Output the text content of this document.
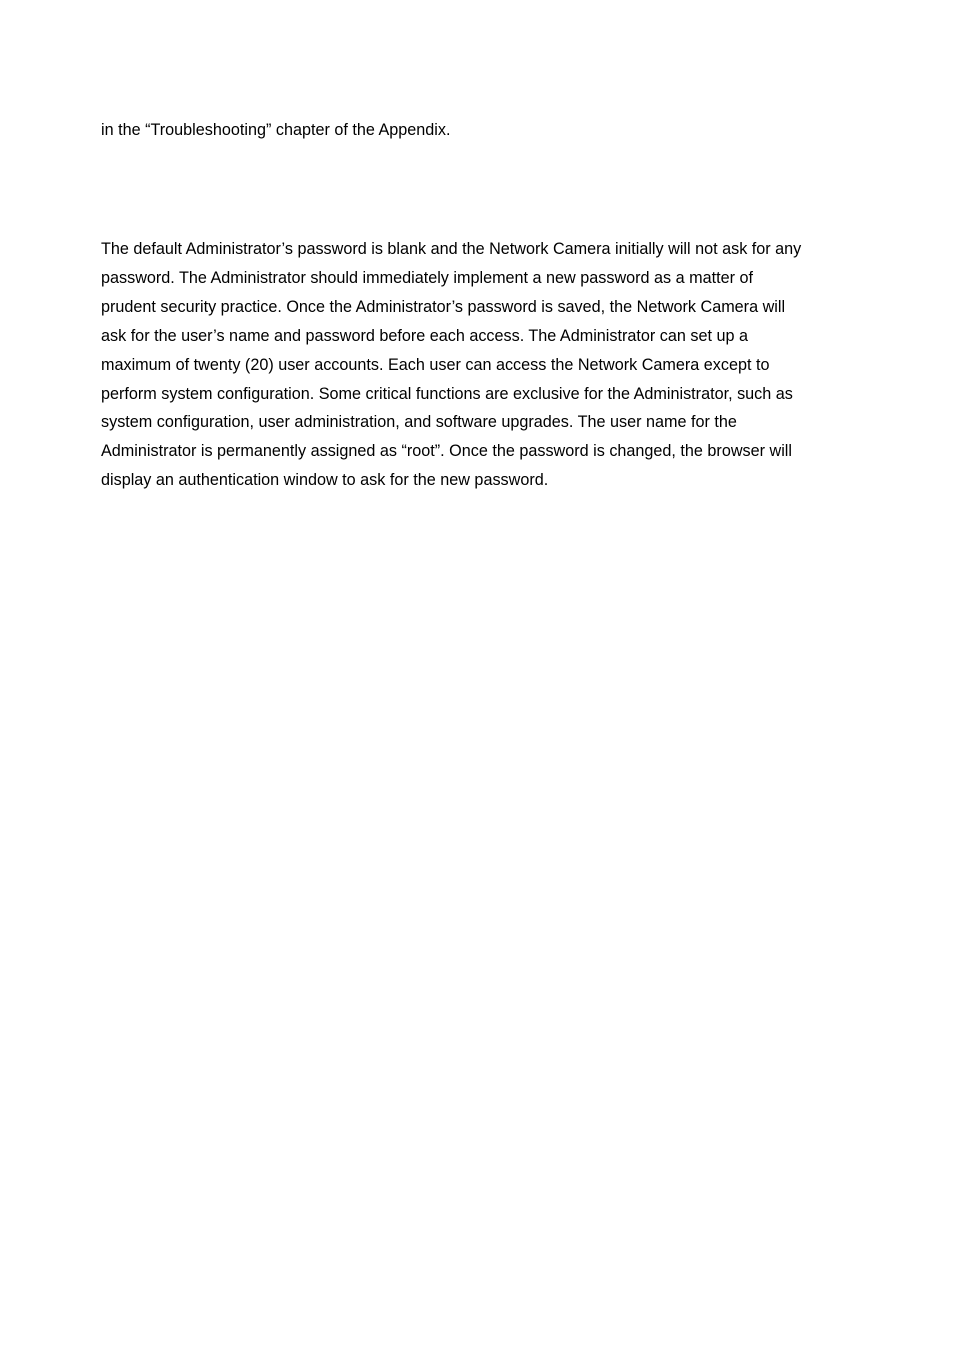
in the “Troubleshooting” chapter of the Appendix.

The default Administrator’s password is blank and the Network Camera initially will not ask for any
password. The Administrator should immediately implement a new password as a matter of
prudent security practice. Once the Administrator’s password is saved, the Network Camera will
ask for the user’s name and password before each access. The Administrator can set up a
maximum of twenty (20) user accounts. Each user can access the Network Camera except to
perform system configuration. Some critical functions are exclusive for the Administrator, such as
system configuration, user administration, and software upgrades. The user name for the
Administrator is permanently assigned as “root”. Once the password is changed, the browser will
display an authentication window to ask for the new password.
